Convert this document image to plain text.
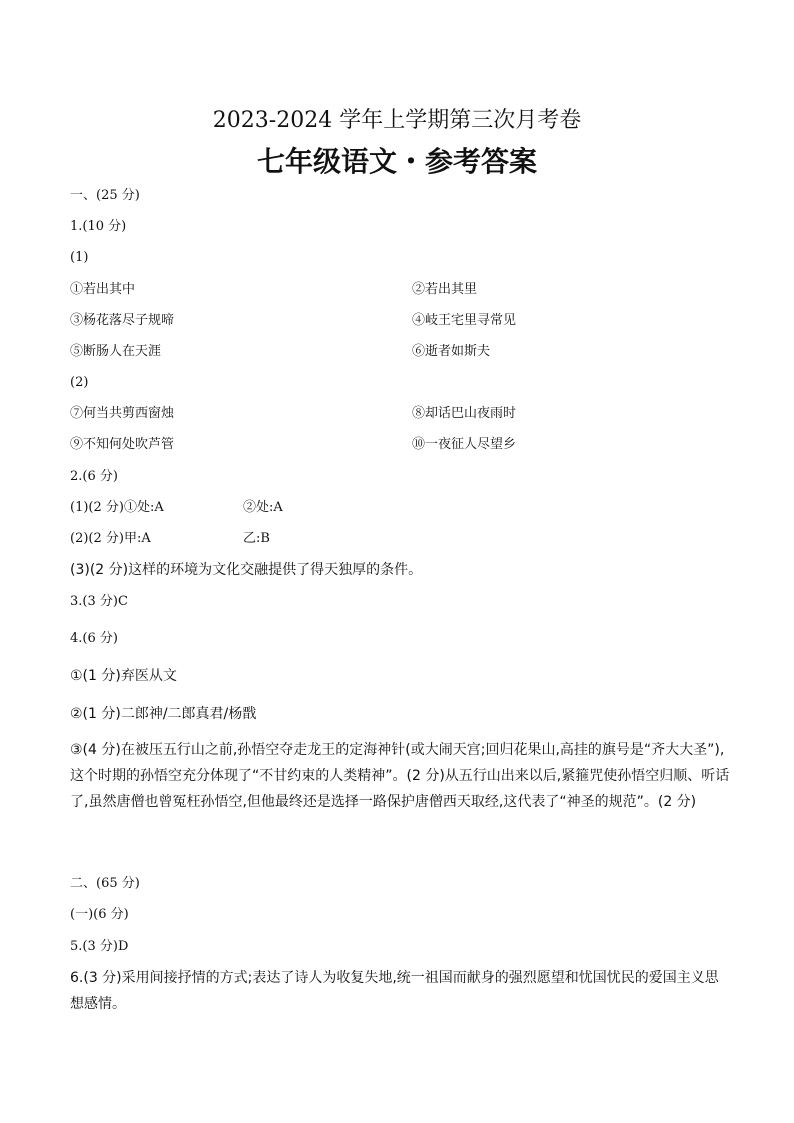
2023-2024 学年上学期第三次月考卷
七年级语文・参考答案
一、(25 分)
1.(10 分)
(1)
①若出其中	②若出其里
③杨花落尽子规啼	④岐王宅里寻常见
⑤断肠人在天涯	⑥逝者如斯夫
(2)
⑦何当共剪西窗烛	⑧却话巴山夜雨时
⑨不知何处吹芦管	⑩一夜征人尽望乡
2.(6 分)
(1)(2 分)①处:A	②处:A
(2)(2 分)甲:A	乙:B
(3)(2 分)这样的环境为文化交融提供了得天独厚的条件。
3.(3 分)C
4.(6 分)
①(1 分)弃医从文
②(1 分)二郎神/二郎真君/杨戬
③(4 分)在被压五行山之前,孙悟空夺走龙王的定海神针(或大闹天宫;回归花果山,高挂的旗号是“齐大大圣”),这个时期的孙悟空充分体现了“不甘约束的人类精神”。(2 分)从五行山出来以后,紧箍咒使孙悟空归顺、听话了,虽然唐僧也曾冤枉孙悟空,但他最终还是选择一路保护唐僧西天取经,这代表了“神圣的规范”。(2 分)
二、(65 分)
(一)(6 分)
5.(3 分)D
6.(3 分)采用间接抒情的方式;表达了诗人为收复失地,统一祖国而献身的强烈愿望和忧国忧民的爱国主义思想感情。
